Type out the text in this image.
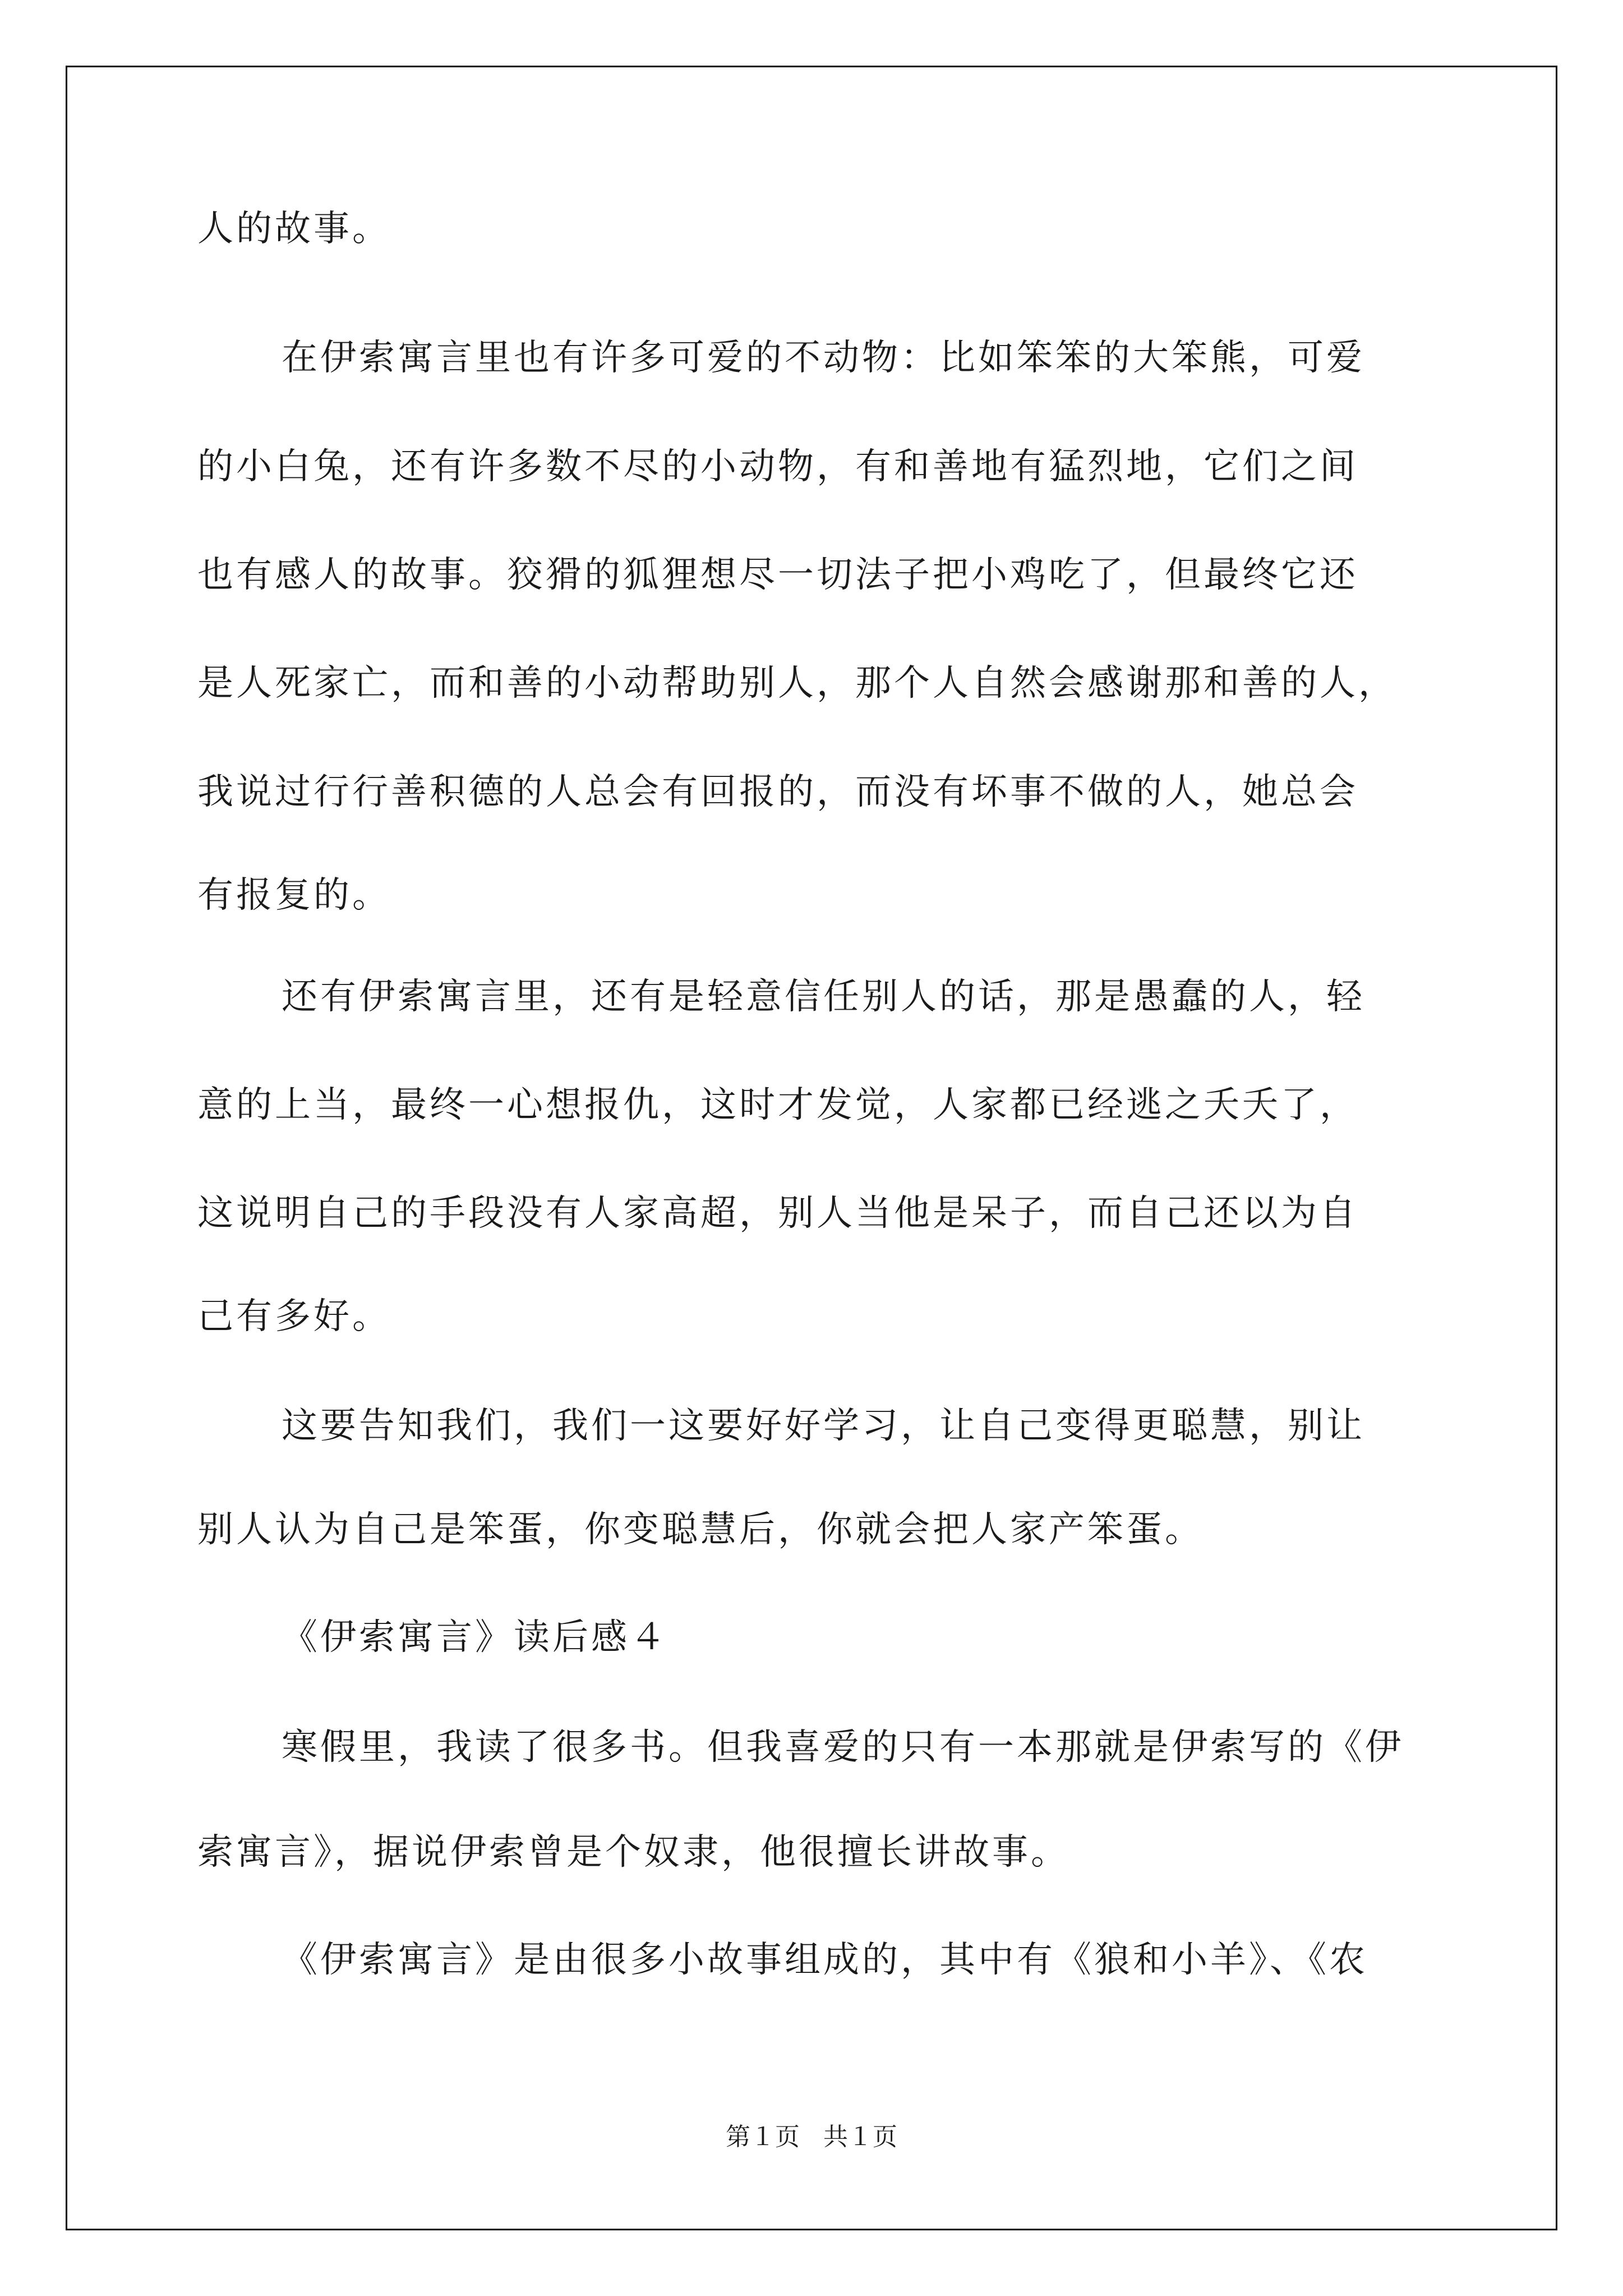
人的故事。
在伊索寓言里也有许多可爱的不动物：比如笨笨的大笨熊，可爱
的小白兔，还有许多数不尽的小动物，有和善地有猛烈地，它们之间
也有感人的故事。狡猾的狐狸想尽一切法子把小鸡吃了，但最终它还
是人死家亡，而和善的小动帮助别人，那个人自然会感谢那和善的人，
我说过行行善积德的人总会有回报的，而没有坏事不做的人，她总会
有报复的。
还有伊索寓言里，还有是轻意信任别人的话，那是愚蠢的人，轻
意的上当，最终一心想报仇，这时才发觉，人家都已经逃之夭夭了，
这说明自己的手段没有人家高超，别人当他是呆子，而自己还以为自
己有多好。
这要告知我们，我们一这要好好学习，让自己变得更聪慧，别让
别人认为自己是笨蛋，你变聪慧后，你就会把人家产笨蛋。
《伊索寓言》读后感４
寒假里，我读了很多书。但我喜爱的只有一本那就是伊索写的《伊
索寓言》，据说伊索曾是个奴隶，他很擅长讲故事。
《伊索寓言》是由很多小故事组成的，其中有《狼和小羊》、《农
第１页   共１页
